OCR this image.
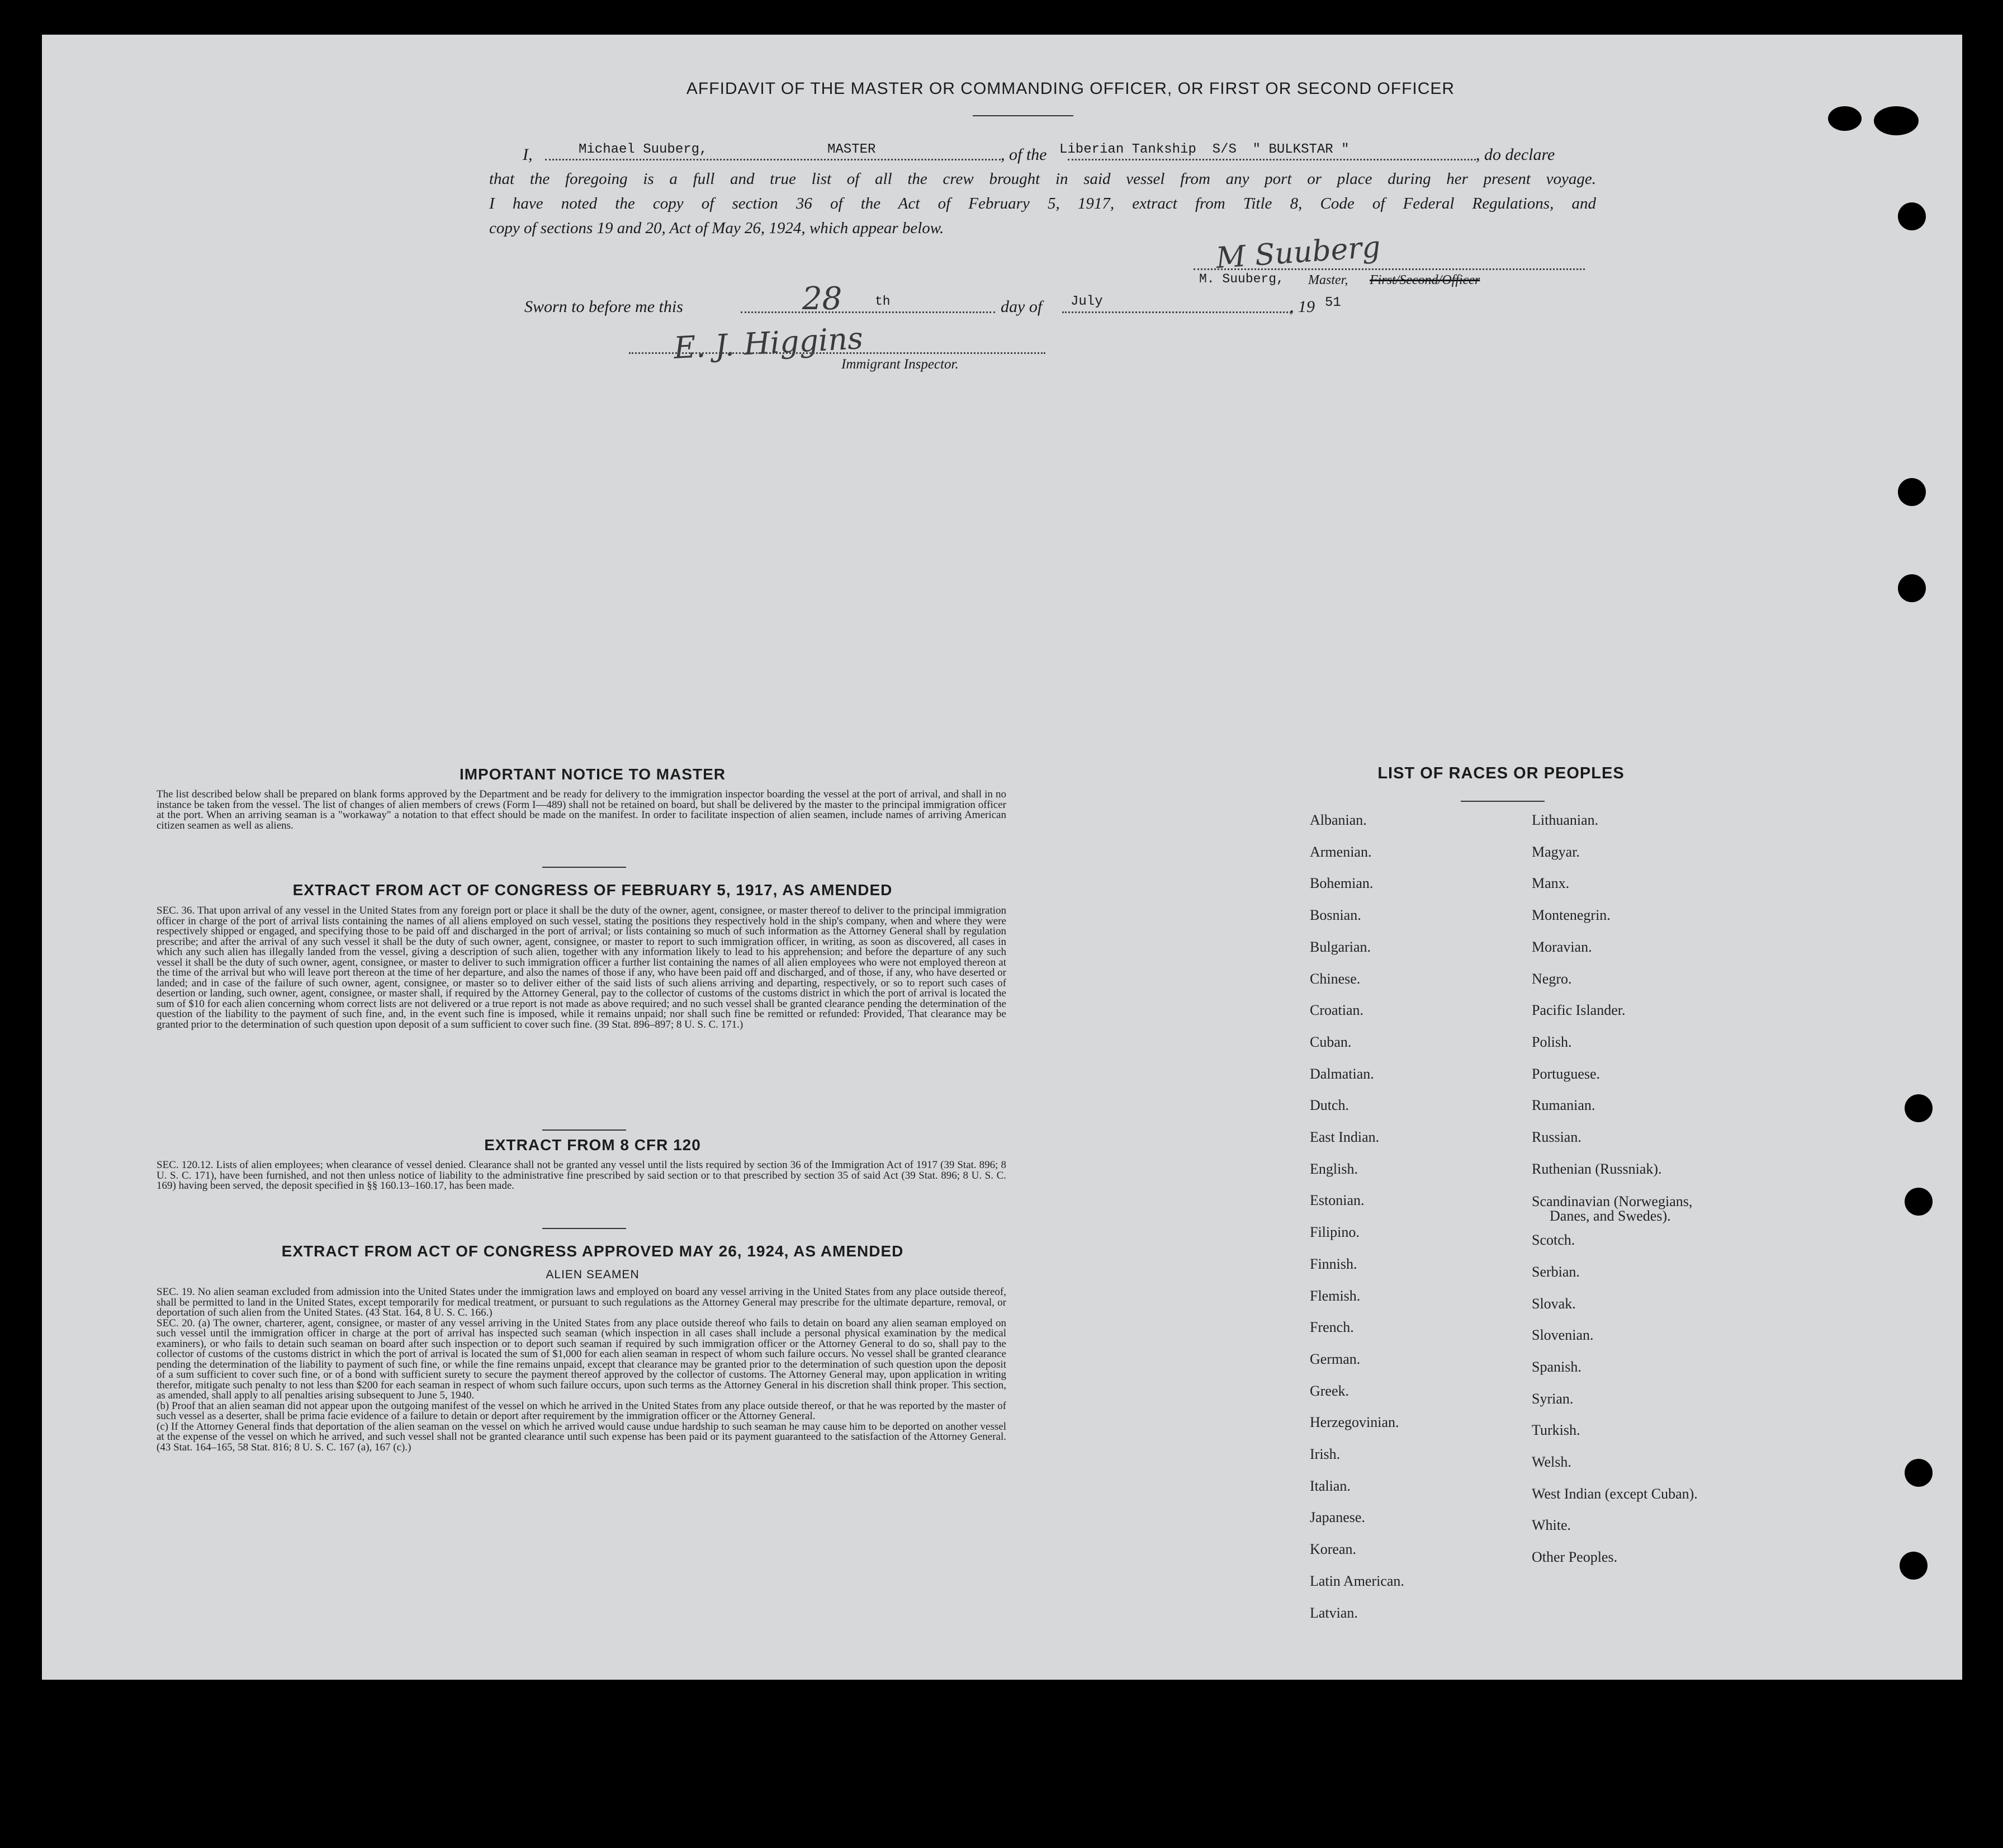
AFFIDAVIT OF THE MASTER OR COMMANDING OFFICER, OR FIRST OR SECOND OFFICER
I,	Michael Suuberg,	MASTER	, of the Liberian Tankship  S/S  " BULKSTAR "	, do declare
that the foregoing is a full and true list of all the crew brought in said vessel from any port or place during her present voyage.
I have noted the copy of section 36 of the Act of February 5, 1917, extract from Title 8, Code of Federal Regulations, and
copy of sections 19 and 20, Act of May 26, 1924, which appear below.
M Suuberg
M. Suuberg, Master, First/Second/Officer
Sworn to before me this	28	th	day of July	, 19 51
E. J. Higgins
Immigrant Inspector.
IMPORTANT NOTICE TO MASTER
The list described below shall be prepared on blank forms approved by the Department and be ready for delivery to the immigration inspector boarding the vessel at the port of arrival, and shall in no instance be taken from the vessel. The list of changes of alien members of crews (Form I—489) shall not be retained on board, but shall be delivered by the master to the principal immigration officer at the port. When an arriving seaman is a "workaway" a notation to that effect should be made on the manifest. In order to facilitate inspection of alien seamen, include names of arriving American citizen seamen as well as aliens.
EXTRACT FROM ACT OF CONGRESS OF FEBRUARY 5, 1917, AS AMENDED
SEC. 36. That upon arrival of any vessel in the United States from any foreign port or place it shall be the duty of the owner, agent, consignee, or master thereof to deliver to the principal immigration officer in charge of the port of arrival lists containing the names of all aliens employed on such vessel, stating the positions they respectively hold in the ship's company, when and where they were respectively shipped or engaged, and specifying those to be paid off and discharged in the port of arrival; or lists containing so much of such information as the Attorney General shall by regulation prescribe; and after the arrival of any such vessel it shall be the duty of such owner, agent, consignee, or master to report to such immigration officer, in writing, as soon as discovered, all cases in which any such alien has illegally landed from the vessel, giving a description of such alien, together with any information likely to lead to his apprehension; and before the departure of any such vessel it shall be the duty of such owner, agent, consignee, or master to deliver to such immigration officer a further list containing the names of all alien employees who were not employed thereon at the time of the arrival but who will leave port thereon at the time of her departure, and also the names of those if any, who have been paid off and discharged, and of those, if any, who have deserted or landed; and in case of the failure of such owner, agent, consignee, or master so to deliver either of the said lists of such aliens arriving and departing, respectively, or so to report such cases of desertion or landing, such owner, agent, consignee, or master shall, if required by the Attorney General, pay to the collector of customs of the customs district in which the port of arrival is located the sum of $10 for each alien concerning whom correct lists are not delivered or a true report is not made as above required; and no such vessel shall be granted clearance pending the determination of the question of the liability to the payment of such fine, and, in the event such fine is imposed, while it remains unpaid; nor shall such fine be remitted or refunded: Provided, That clearance may be granted prior to the determination of such question upon deposit of a sum sufficient to cover such fine. (39 Stat. 896–897; 8 U. S. C. 171.)
EXTRACT FROM 8 CFR 120
SEC. 120.12. Lists of alien employees; when clearance of vessel denied. Clearance shall not be granted any vessel until the lists required by section 36 of the Immigration Act of 1917 (39 Stat. 896; 8 U. S. C. 171), have been furnished, and not then unless notice of liability to the administrative fine prescribed by said section or to that prescribed by section 35 of said Act (39 Stat. 896; 8 U. S. C. 169) having been served, the deposit specified in §§ 160.13–160.17, has been made.
EXTRACT FROM ACT OF CONGRESS APPROVED MAY 26, 1924, AS AMENDED
ALIEN SEAMEN
SEC. 19. No alien seaman excluded from admission into the United States under the immigration laws and employed on board any vessel arriving in the United States from any place outside thereof, shall be permitted to land in the United States, except temporarily for medical treatment, or pursuant to such regulations as the Attorney General may prescribe for the ultimate departure, removal, or deportation of such alien from the United States. (43 Stat. 164, 8 U. S. C. 166.)
SEC. 20. (a) The owner, charterer, agent, consignee, or master of any vessel arriving in the United States from any place outside thereof who fails to detain on board any alien seaman employed on such vessel until the immigration officer in charge at the port of arrival has inspected such seaman (which inspection in all cases shall include a personal physical examination by the medical examiners), or who fails to detain such seaman on board after such inspection or to deport such seaman if required by such immigration officer or the Attorney General to do so, shall pay to the collector of customs of the customs district in which the port of arrival is located the sum of $1,000 for each alien seaman in respect of whom such failure occurs. No vessel shall be granted clearance pending the determination of the liability to payment of such fine, or while the fine remains unpaid, except that clearance may be granted prior to the determination of such question upon the deposit of a sum sufficient to cover such fine, or of a bond with sufficient surety to secure the payment thereof approved by the collector of customs. The Attorney General may, upon application in writing therefor, mitigate such penalty to not less than $200 for each seaman in respect of whom such failure occurs, upon such terms as the Attorney General in his discretion shall think proper. This section, as amended, shall apply to all penalties arising subsequent to June 5, 1940.
(b) Proof that an alien seaman did not appear upon the outgoing manifest of the vessel on which he arrived in the United States from any place outside thereof, or that he was reported by the master of such vessel as a deserter, shall be prima facie evidence of a failure to detain or deport after requirement by the immigration officer or the Attorney General.
(c) If the Attorney General finds that deportation of the alien seaman on the vessel on which he arrived would cause undue hardship to such seaman he may cause him to be deported on another vessel at the expense of the vessel on which he arrived, and such vessel shall not be granted clearance until such expense has been paid or its payment guaranteed to the satisfaction of the Attorney General. (43 Stat. 164–165, 58 Stat. 816; 8 U. S. C. 167 (a), 167 (c).)
LIST OF RACES OR PEOPLES
Albanian.
Armenian.
Bohemian.
Bosnian.
Bulgarian.
Chinese.
Croatian.
Cuban.
Dalmatian.
Dutch.
East Indian.
English.
Estonian.
Filipino.
Finnish.
Flemish.
French.
German.
Greek.
Herzegovinian.
Irish.
Italian.
Japanese.
Korean.
Latin American.
Latvian.
Lithuanian.
Magyar.
Manx.
Montenegrin.
Moravian.
Negro.
Pacific Islander.
Polish.
Portuguese.
Rumanian.
Russian.
Ruthenian (Russniak).
Scandinavian (Norwegians,
Danes, and Swedes).
Scotch.
Serbian.
Slovak.
Slovenian.
Spanish.
Syrian.
Turkish.
Welsh.
West Indian (except Cuban).
White.
Other Peoples.
